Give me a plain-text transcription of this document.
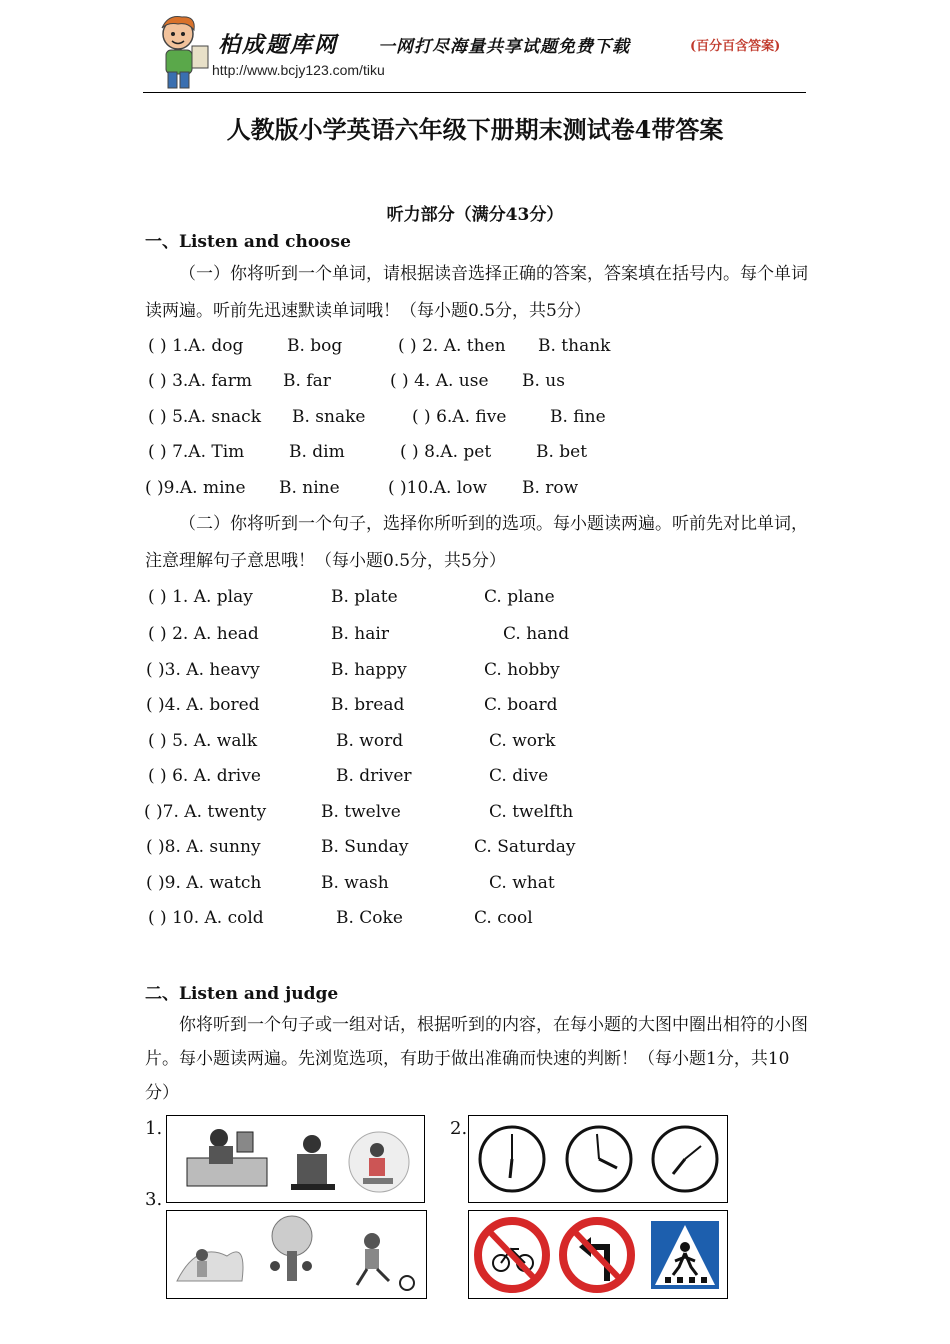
柏成题库网 一网打尽海量共享试题免费下载	(百分百含答案)
http://www.bcjy123.com/tiku
人教版小学英语六年级下册期末测试卷4带答案
听力部分（满分43分）
一、Listen and choose
（一）你将听到一个单词，请根据读音选择正确的答案，答案填在括号内。每个单词读两遍。听前先迅速默读单词哦！（每小题0.5分，共5分）
( ) 1.A. dog	B. bog	( ) 2. A. then B. thank
( ) 3.A. farm B. far	( ) 4. A. use B. us
( ) 5.A. snack B. snake	( ) 6.A. five	B. fine
( ) 7.A. Tim	B. dim	( ) 8.A. pet	B. bet
( )9.A. mine B. nine	( )10.A. low B. row
（二）你将听到一个句子，选择你所听到的选项。每小题读两遍。听前先对比单词，注意理解句子意思哦！（每小题0.5分，共5分）
( ) 1. A. play	B. plate	C. plane
( ) 2. A. head	B. hair	C. hand
( )3. A. heavy	B. happy	C. hobby
( )4. A. bored	B. bread	C. board
( ) 5. A. walk	B. word	C. work
( ) 6. A. drive	B. driver	C. dive
( )7. A. twenty	B. twelve	C. twelfth
( )8. A. sunny	B. Sunday	C. Saturday
( )9. A. watch	B. wash	C. what
( ) 10. A. cold	B. Coke	C. cool
二、Listen and judge
你将听到一个句子或一组对话，根据听到的内容，在每小题的大图中圈出相符的小图片。每小题读两遍。先浏览选项，有助于做出准确而快速的判断！（每小题1分，共10分）
1.	2.
3.
